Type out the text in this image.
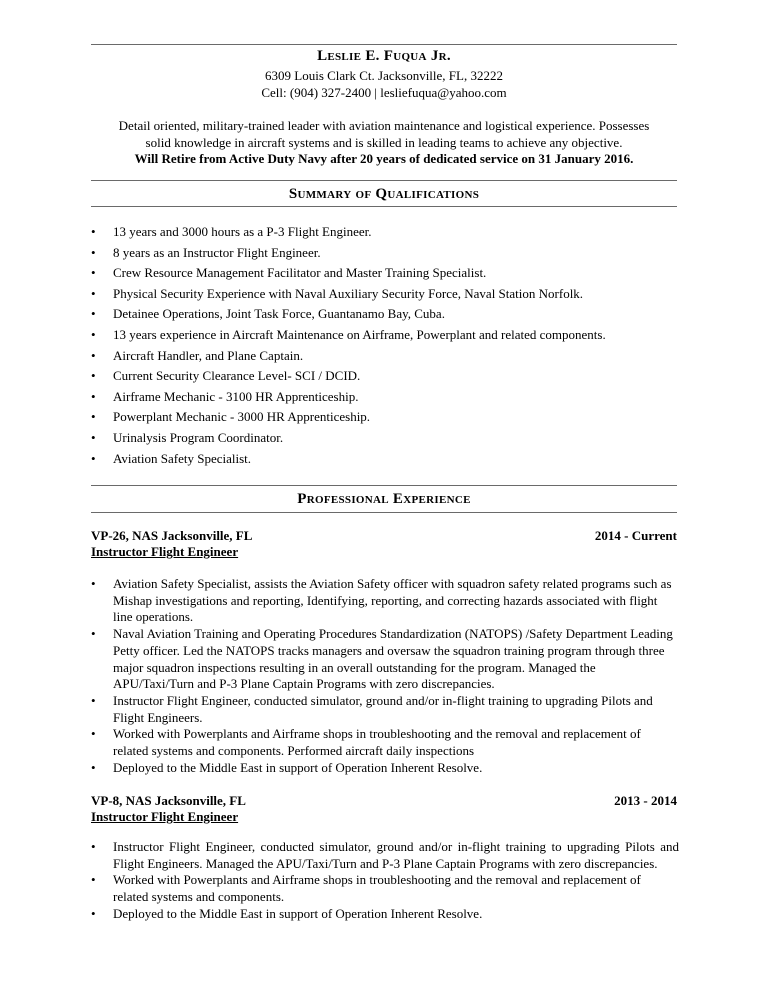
Leslie E. Fuqua Jr.
6309 Louis Clark Ct. Jacksonville, FL, 32222
Cell: (904) 327-2400 | lesliefuqua@yahoo.com
Detail oriented, military-trained leader with aviation maintenance and logistical experience. Possesses
solid knowledge in aircraft systems and is skilled in leading teams to achieve any objective.
Will Retire from Active Duty Navy after 20 years of dedicated service on 31 January 2016.
Summary of Qualifications
• 13 years and 3000 hours as a P-3 Flight Engineer.
• 8 years as an Instructor Flight Engineer.
• Crew Resource Management Facilitator and Master Training Specialist.
• Physical Security Experience with Naval Auxiliary Security Force, Naval Station Norfolk.
• Detainee Operations, Joint Task Force, Guantanamo Bay, Cuba.
• 13 years experience in Aircraft Maintenance on Airframe, Powerplant and related components.
• Aircraft Handler, and Plane Captain.
• Current Security Clearance Level- SCI / DCID.
• Airframe Mechanic - 3100 HR Apprenticeship.
• Powerplant Mechanic - 3000 HR Apprenticeship.
• Urinalysis Program Coordinator.
• Aviation Safety Specialist.
Professional Experience
VP-26, NAS Jacksonville, FL	2014 - Current
Instructor Flight Engineer
• Aviation Safety Specialist, assists the Aviation Safety officer with squadron safety related programs such as Mishap investigations and reporting, Identifying, reporting, and correcting hazards associated with flight line operations.
• Naval Aviation Training and Operating Procedures Standardization (NATOPS) /Safety Department Leading Petty officer. Led the NATOPS tracks managers and oversaw the squadron training program through three major squadron inspections resulting in an overall outstanding for the program. Managed the APU/Taxi/Turn and P-3 Plane Captain Programs with zero discrepancies.
• Instructor Flight Engineer, conducted simulator, ground and/or in-flight training to upgrading Pilots and Flight Engineers.
• Worked with Powerplants and Airframe shops in troubleshooting and the removal and replacement of related systems and components. Performed aircraft daily inspections
• Deployed to the Middle East in support of Operation Inherent Resolve.
VP-8, NAS Jacksonville, FL	2013 - 2014
Instructor Flight Engineer
• Instructor Flight Engineer, conducted simulator, ground and/or in-flight training to upgrading Pilots and Flight Engineers. Managed the APU/Taxi/Turn and P-3 Plane Captain Programs with zero discrepancies.
• Worked with Powerplants and Airframe shops in troubleshooting and the removal and replacement of related systems and components.
• Deployed to the Middle East in support of Operation Inherent Resolve.
